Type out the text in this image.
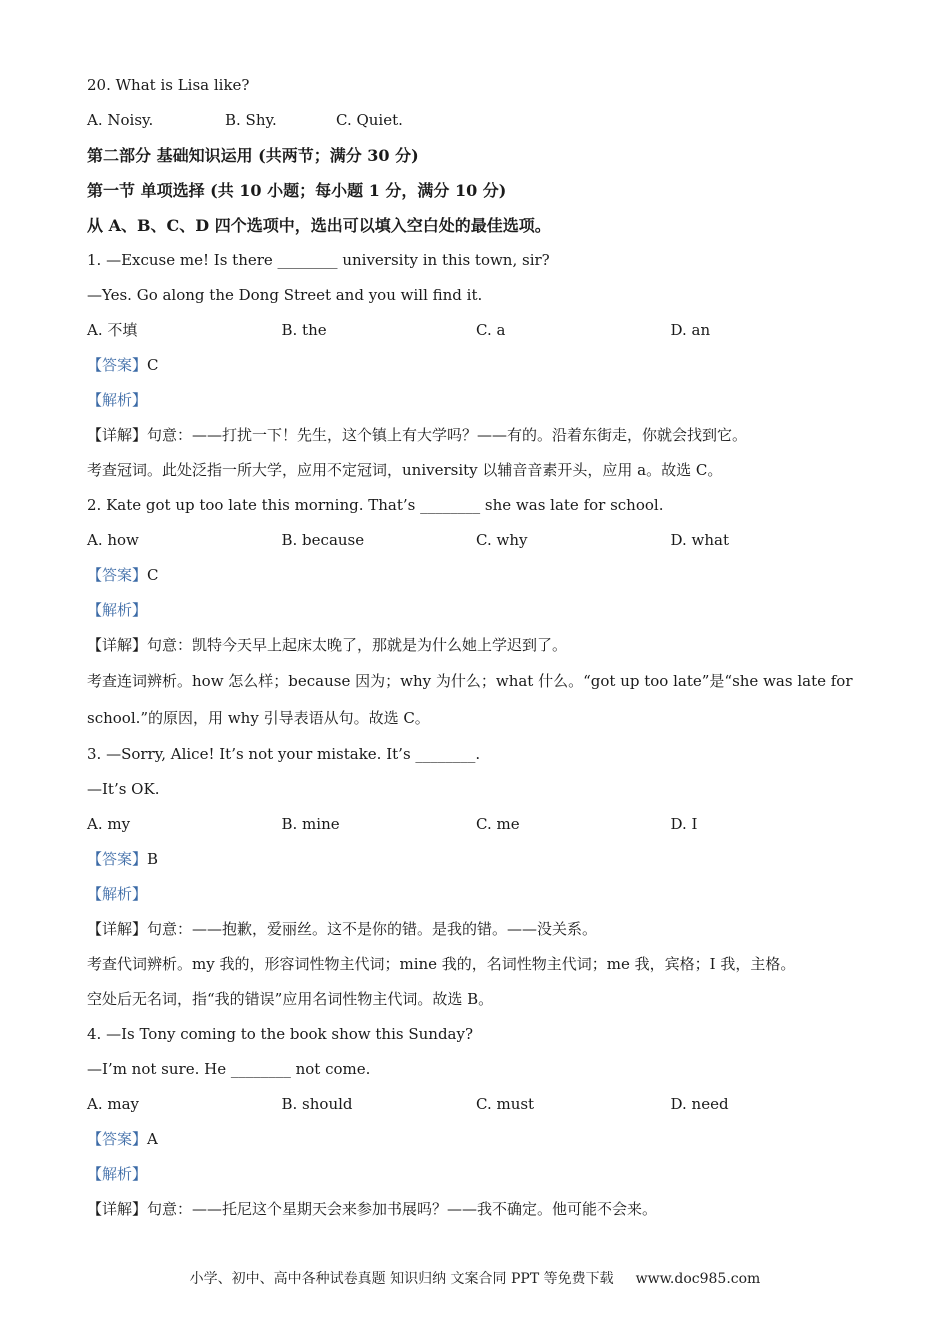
20. What is Lisa like?
A. Noisy.	B. Shy.	C. Quiet.
第二部分 基础知识运用 (共两节；满分 30 分)
第一节 单项选择 (共 10 小题；每小题 1 分，满分 10 分)
从 A、B、C、D 四个选项中，选出可以填入空白处的最佳选项。
1. —Excuse me! Is there ________ university in this town, sir?
—Yes. Go along the Dong Street and you will find it.
A. 不填	B. the	C. a	D. an
【答案】C
【解析】
【详解】句意：——打扰一下！先生，这个镇上有大学吗？——有的。沿着东街走，你就会找到它。
考查冠词。此处泛指一所大学，应用不定冠词，university 以辅音音素开头，应用 a。故选 C。
2. Kate got up too late this morning. That’s ________ she was late for school.
A. how	B. because	C. why	D. what
【答案】C
【解析】
【详解】句意：凯特今天早上起床太晚了，那就是为什么她上学迟到了。
考查连词辨析。how 怎么样；because 因为；why 为什么；what 什么。“got up too late”是“she was late for
school.”的原因，用 why 引导表语从句。故选 C。
3. —Sorry, Alice! It’s not your mistake. It’s ________.
—It’s OK.
A. my	B. mine	C. me	D. I
【答案】B
【解析】
【详解】句意：——抱歉，爱丽丝。这不是你的错。是我的错。——没关系。
考查代词辨析。my 我的，形容词性物主代词；mine 我的，名词性物主代词；me 我，宾格；I 我，主格。
空处后无名词，指“我的错误”应用名词性物主代词。故选 B。
4. —Is Tony coming to the book show this Sunday?
—I’m not sure. He ________ not come.
A. may	B. should	C. must	D. need
【答案】A
【解析】
【详解】句意：——托尼这个星期天会来参加书展吗？——我不确定。他可能不会来。
小学、初中、高中各种试卷真题 知识归纳 文案合同 PPT 等免费下载 www.doc985.com
